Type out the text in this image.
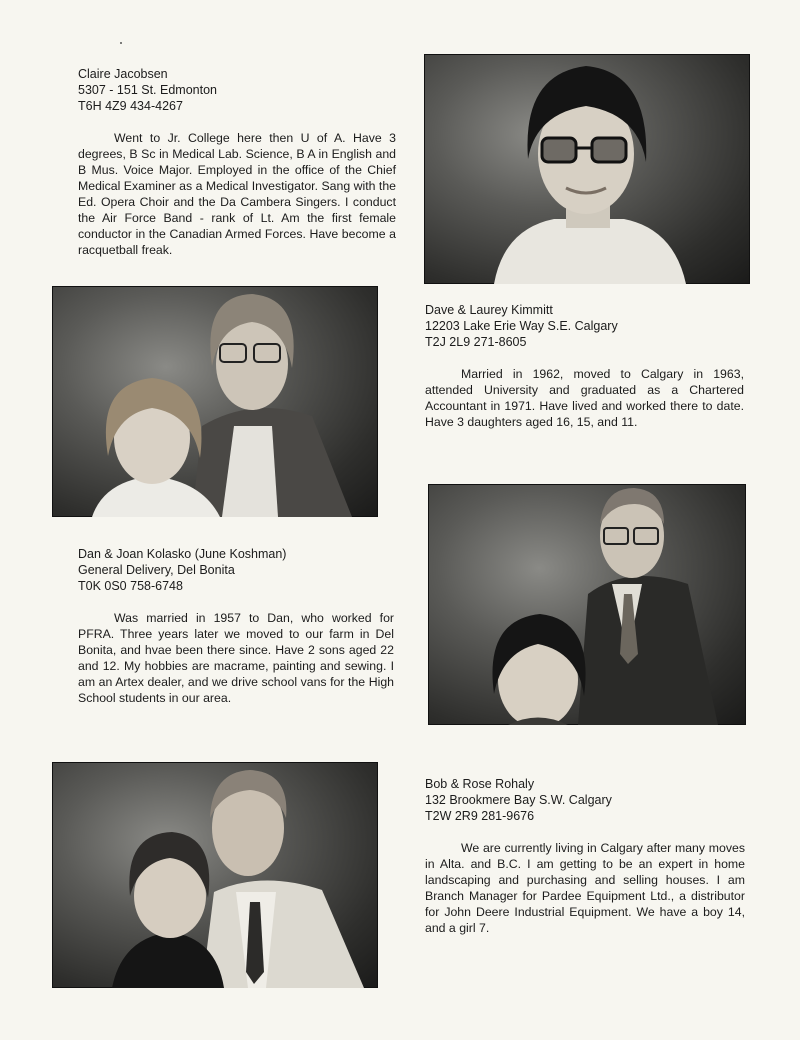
Claire Jacobsen
5307 - 151 St. Edmonton
T6H 4Z9 434-4267
Went to Jr. College here then U of A. Have 3 degrees, B Sc in Medical Lab. Science, B A in English and B Mus. Voice Major. Employed in the office of the Chief Medical Examiner as a Medical Investigator. Sang with the Ed. Opera Choir and the Da Cambera Singers. I conduct the Air Force Band - rank of Lt. Am the first female conductor in the Canadian Armed Forces. Have become a racquetball freak.
Dave & Laurey Kimmitt
12203 Lake Erie Way S.E. Calgary
T2J 2L9 271-8605
Married in 1962, moved to Calgary in 1963, attended University and graduated as a Chartered Accountant in 1971. Have lived and worked there to date. Have 3 daughters aged 16, 15, and 11.
Dan & Joan Kolasko (June Koshman)
General Delivery, Del Bonita
T0K 0S0 758-6748
Was married in 1957 to Dan, who worked for PFRA. Three years later we moved to our farm in Del Bonita, and hvae been there since. Have 2 sons aged 22 and 12. My hobbies are macrame, painting and sewing. I am an Artex dealer, and we drive school vans for the High School students in our area.
Bob & Rose Rohaly
132 Brookmere Bay S.W. Calgary
T2W 2R9 281-9676
We are currently living in Calgary after many moves in Alta. and B.C. I am getting to be an expert in home landscaping and purchasing and selling houses. I am Branch Manager for Pardee Equipment Ltd., a distributor for John Deere Industrial Equipment. We have a boy 14, and a girl 7.
